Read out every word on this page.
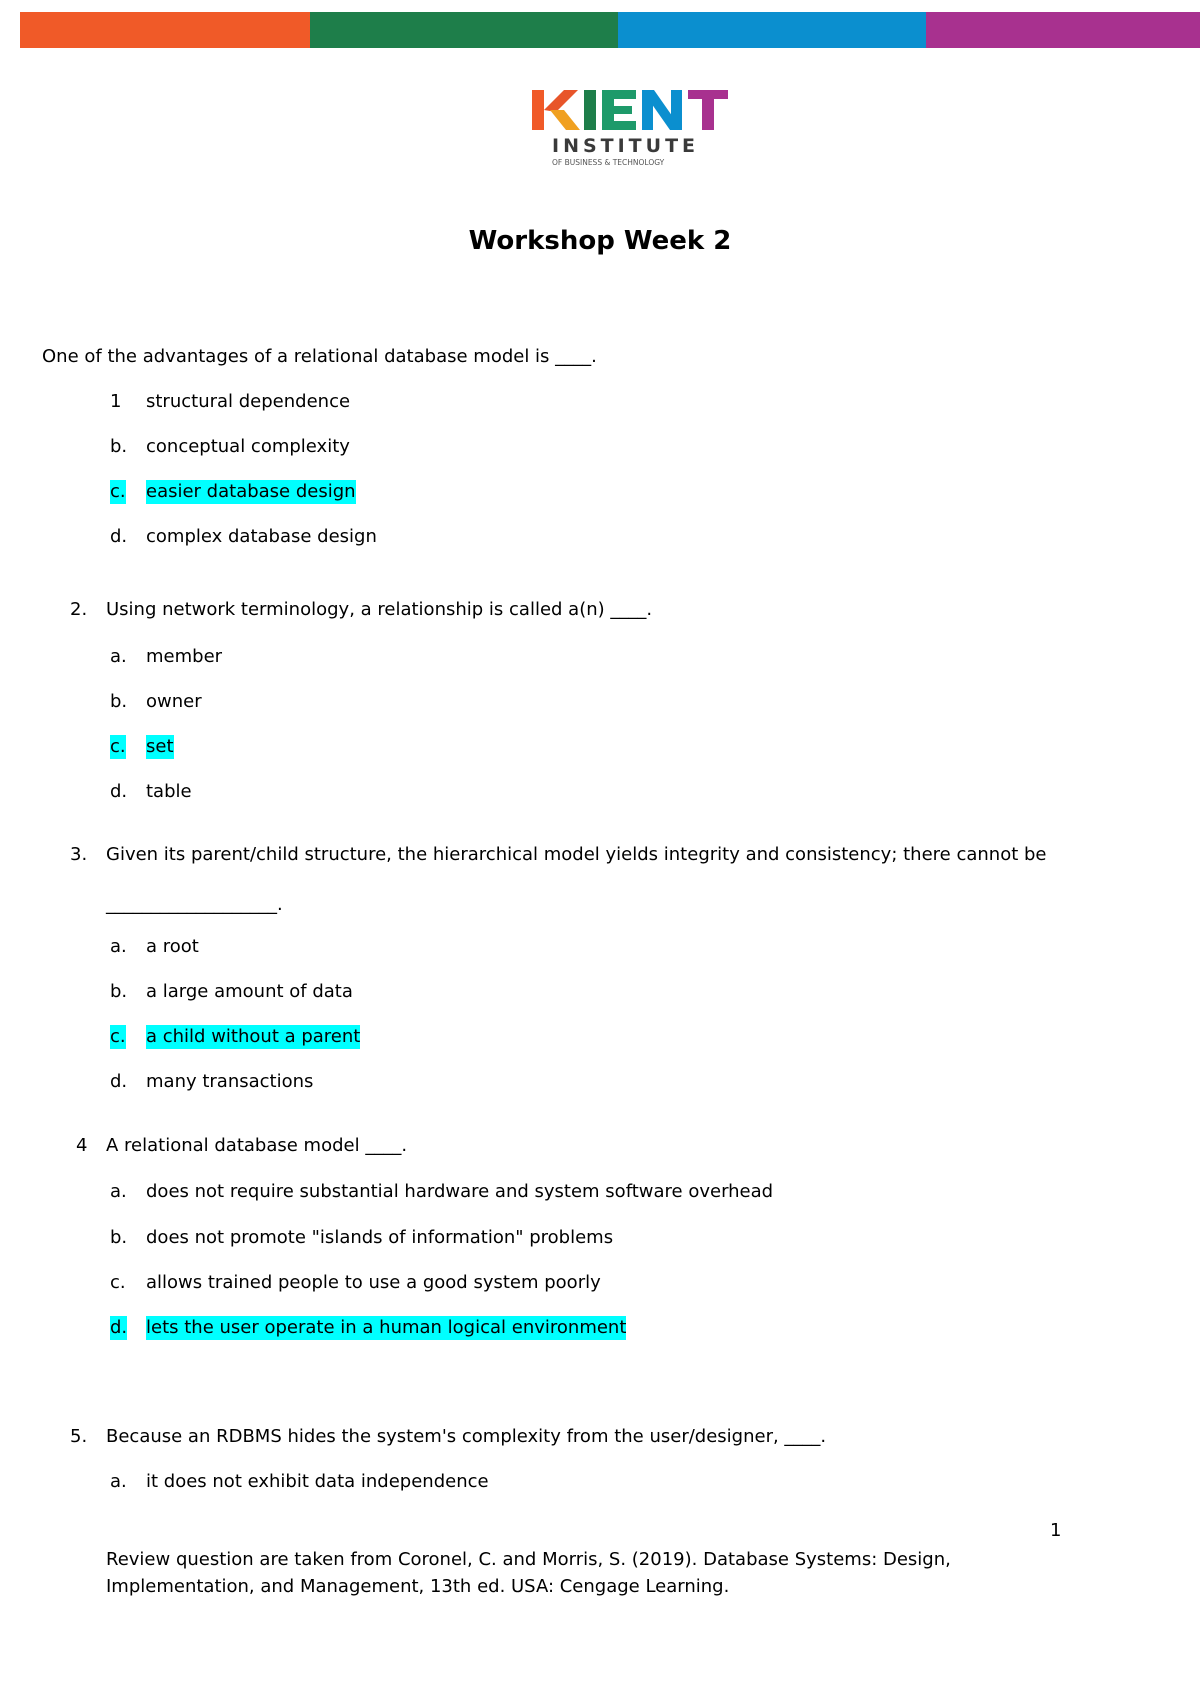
INSTITUTE
OF BUSINESS & TECHNOLOGY
Workshop Week 2
One of the advantages of a relational database model is ____.
1 structural dependence
b. conceptual complexity
c. easier database design
d. complex database design
2. Using network terminology, a relationship is called a(n) ____.
a. member
b. owner
c. set
d. table
3. Given its parent/child structure, the hierarchical model yields integrity and consistency; there cannot be
___________________.
a. a root
b. a large amount of data
c. a child without a parent
d. many transactions
4 A relational database model ____.
a. does not require substantial hardware and system software overhead
b. does not promote "islands of information" problems
c. allows trained people to use a good system poorly
d. lets the user operate in a human logical environment
5. Because an RDBMS hides the system's complexity from the user/designer, ____.
a. it does not exhibit data independence
1
Review question are taken from Coronel, C. and Morris, S. (2019). Database Systems: Design,
Implementation, and Management, 13th ed. USA: Cengage Learning.
